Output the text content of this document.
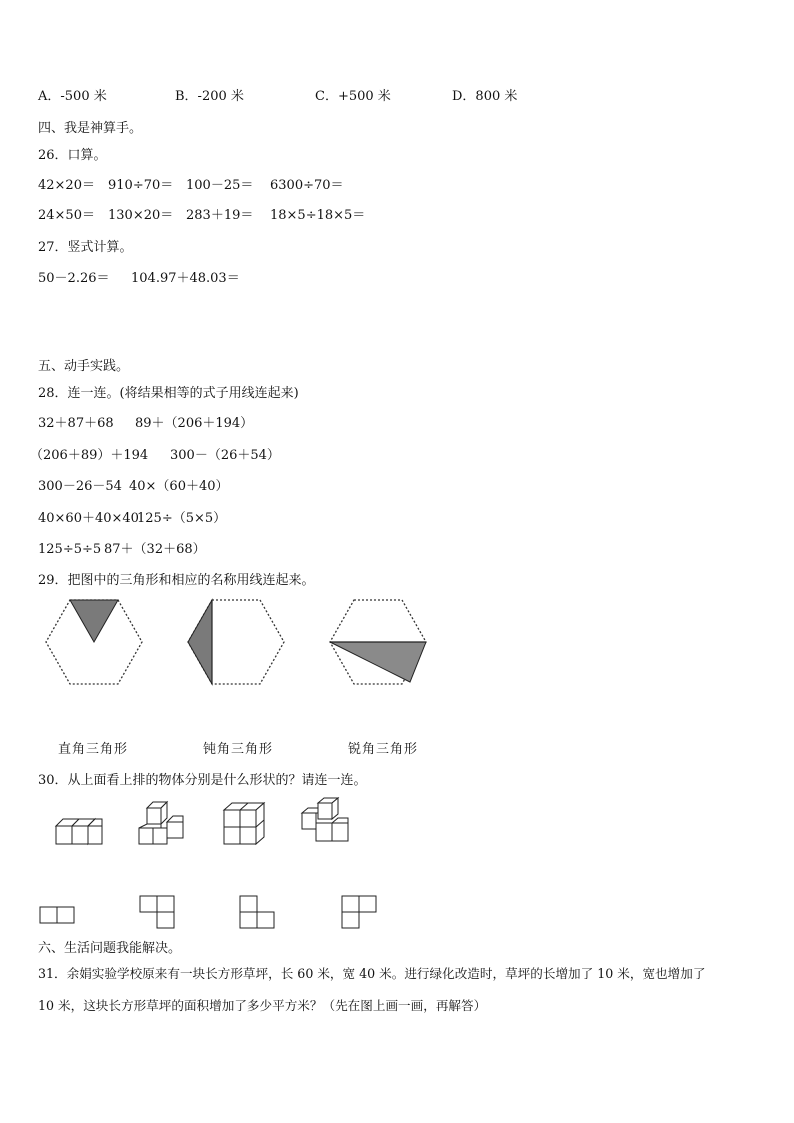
A．-500 米	B．-200 米	C．+500 米	D．800 米
四、我是神算手。
26．口算。
42×20＝ 910÷70＝ 100－25＝ 6300÷70＝
24×50＝ 130×20＝ 283＋19＝ 18×5÷18×5＝
27．竖式计算。
50－2.26＝ 104.97＋48.03＝
五、动手实践。
28．连一连。(将结果相等的式子用线连起来)
32＋87＋68 89＋（206＋194）
（206＋89）＋194 300－（26＋54）
300－26－54 40×（60＋40）
40×60＋40×40
125÷（5×5）
125÷5÷5 87＋（32＋68）
29．把图中的三角形和相应的名称用线连起来。
直角三角形	钝角三角形	锐角三角形
30．从上面看上排的物体分别是什么形状的？请连一连。
六、生活问题我能解决。
31．余娟实验学校原来有一块长方形草坪，长 60 米，宽 40 米。进行绿化改造时，草坪的长增加了 10 米，宽也增加了
10 米，这块长方形草坪的面积增加了多少平方米？（先在图上画一画，再解答）
